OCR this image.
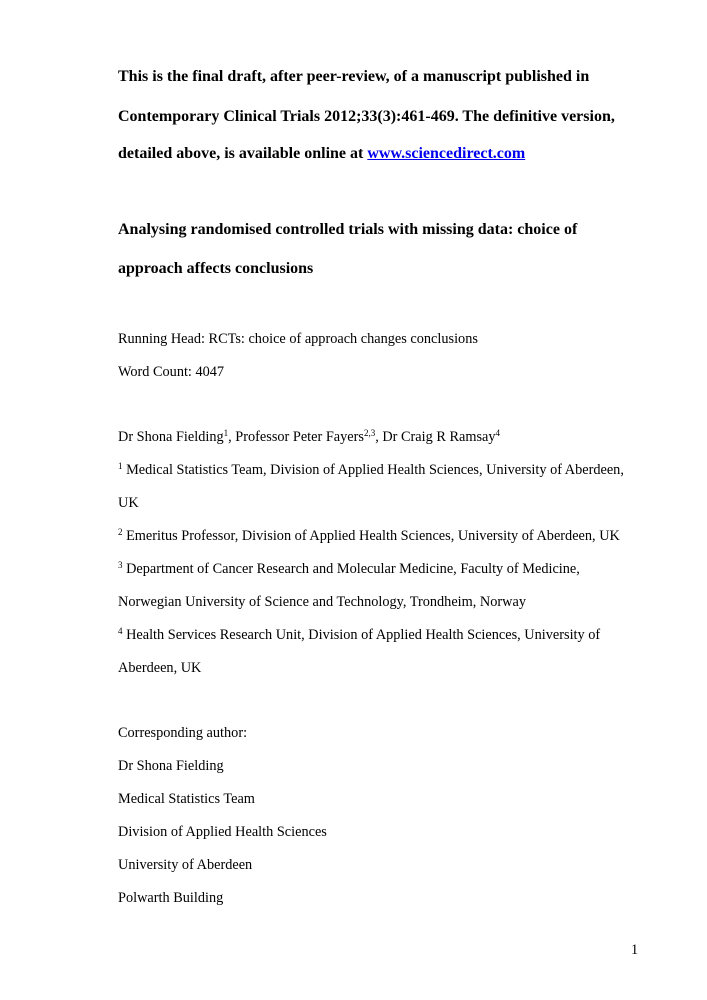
This is the final draft, after peer-review, of a manuscript published in
Contemporary Clinical Trials 2012;33(3):461-469. The definitive version,
detailed above, is available online at www.sciencedirect.com
Analysing randomised controlled trials with missing data: choice of
approach affects conclusions
Running Head: RCTs: choice of approach changes conclusions
Word Count: 4047
Dr Shona Fielding$^1$, Professor Peter Fayers$^{2,3}$, Dr Craig R Ramsay$^4$
$^1$ Medical Statistics Team, Division of Applied Health Sciences, University of Aberdeen,
UK
$^2$ Emeritus Professor, Division of Applied Health Sciences, University of Aberdeen, UK
$^3$ Department of Cancer Research and Molecular Medicine, Faculty of Medicine,
Norwegian University of Science and Technology, Trondheim, Norway
$^4$ Health Services Research Unit, Division of Applied Health Sciences, University of
Aberdeen, UK
Corresponding author:
Dr Shona Fielding
Medical Statistics Team
Division of Applied Health Sciences
University of Aberdeen
Polwarth Building
1
